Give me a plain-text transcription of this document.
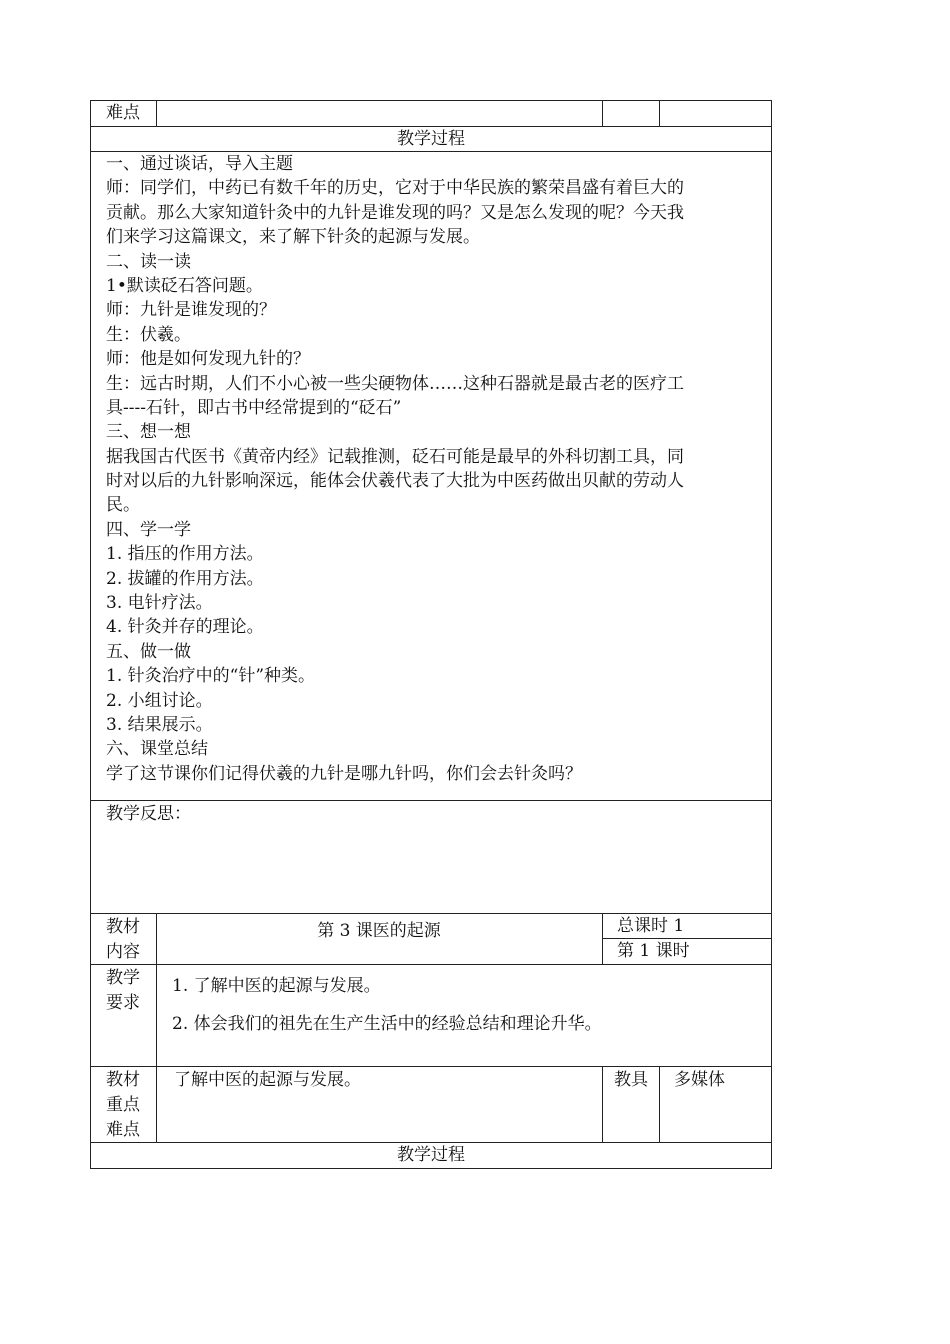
难点
教学过程
一、通过谈话，导入主题
师：同学们，中药已有数千年的历史，它对于中华民族的繁荣昌盛有着巨大的
贡献。那么大家知道针灸中的九针是谁发现的吗？又是怎么发现的呢？今天我
们来学习这篇课文，来了解下针灸的起源与发展。
二、读一读
1•默读砭石答问题。
师：九针是谁发现的？
生：伏羲。
师：他是如何发现九针的？
生：远古时期，人们不小心被一些尖硬物体……这种石器就是最古老的医疗工
具----石针，即古书中经常提到的“砭石”
三、想一想
据我国古代医书《黄帝内经》记载推测，砭石可能是最早的外科切割工具，同
时对以后的九针影响深远，能体会伏羲代表了大批为中医药做出贝献的劳动人
民。
四、学一学
1. 指压的作用方法。
2. 拔罐的作用方法。
3. 电针疗法。
4. 针灸并存的理论。
五、做一做
1. 针灸治疗中的“针”种类。
2. 小组讨论。
3. 结果展示。
六、课堂总结
学了这节课你们记得伏羲的九针是哪九针吗，你们会去针灸吗？
教学反思：
教材
内容
第 3 课医的起源	总课时 1
第 1 课时
教学
要求
1. 了解中医的起源与发展。
2. 体会我们的祖先在生产生活中的经验总结和理论升华。
教材
重点
难点
了解中医的起源与发展。	教具 多媒体
教学过程
